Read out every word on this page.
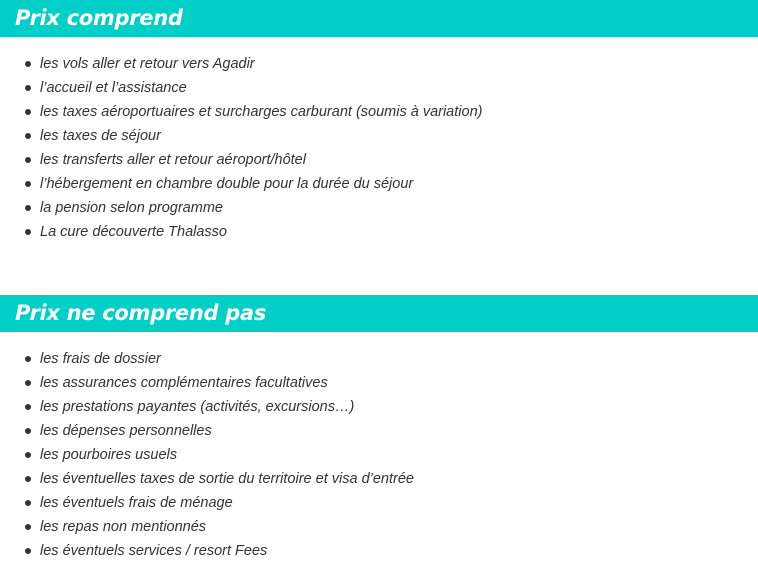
Prix comprend
les vols aller et retour vers Agadir
l’accueil et l’assistance
les taxes aéroportuaires et surcharges carburant (soumis à variation)
les taxes de séjour
les transferts aller et retour aéroport/hôtel
l’hébergement en chambre double pour la durée du séjour
la pension selon programme
La cure découverte Thalasso
Prix ne comprend pas
les frais de dossier
les assurances complémentaires facultatives
les prestations payantes (activités, excursions…)
les dépenses personnelles
les pourboires usuels
les éventuelles taxes de sortie du territoire et visa d’entrée
les éventuels frais de ménage
les repas non mentionnés
les éventuels services / resort Fees
